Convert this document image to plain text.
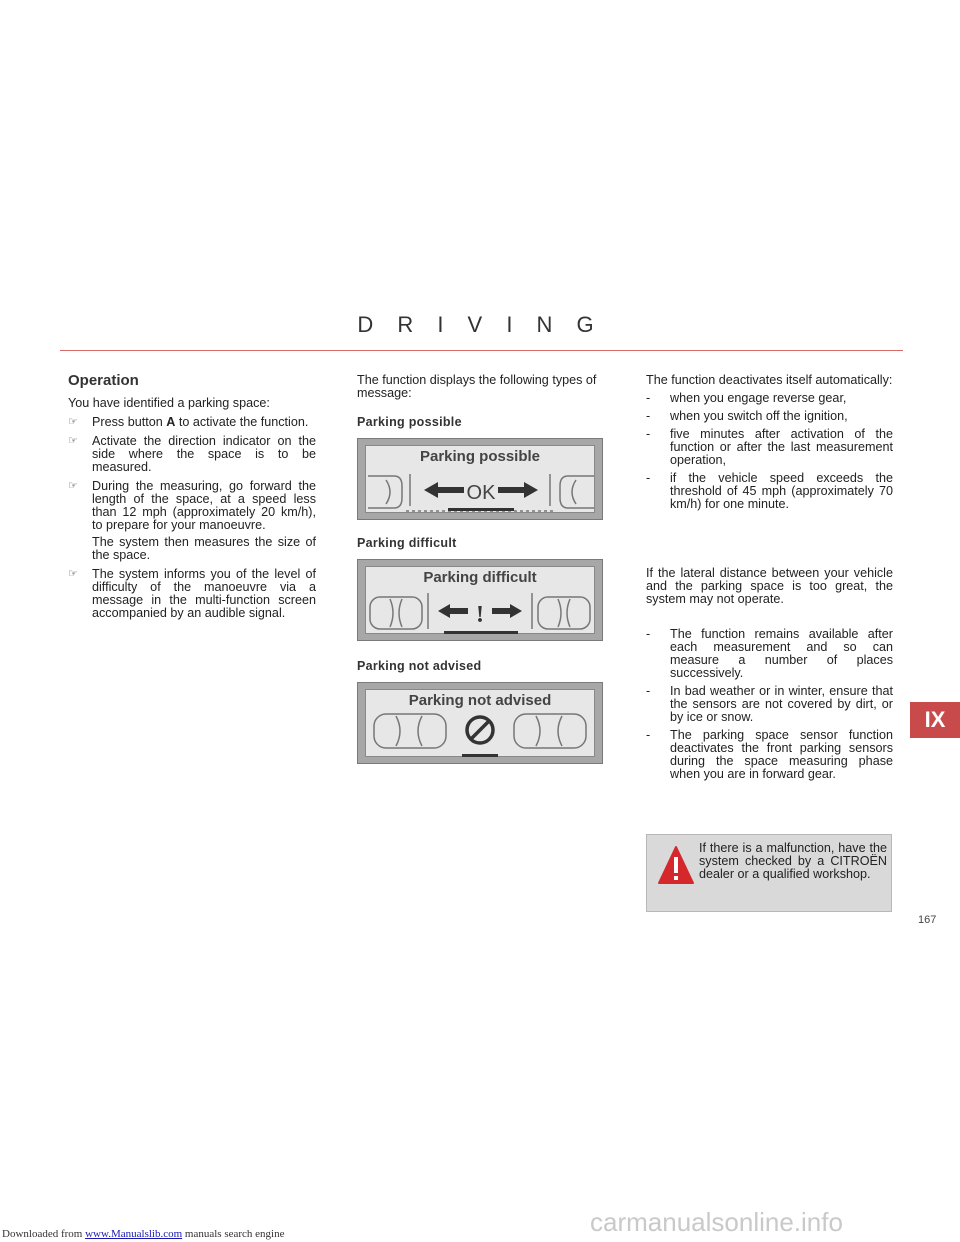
D R I V I N G
IX

Operation

You have identified a parking space:

☞	Press button A to activate the function.
☞	Activate the direction indicator on the side where the space is to be measured.
☞	During the measuring, go forward the length of the space, at a speed less than 12 mph (approximately 20 km/h), to prepare for your manoeuvre.
The system then measures the size of the space.
☞	The system informs you of the level of difficulty of the manoeuvre via a message in the multi-function screen accompanied by an audible signal.
The function displays the following types of message:
Parking possible
Parking possible
OK
Parking difficult
Parking difficult
!
Parking not advised
Parking not advised

The function deactivates itself automatically:

-	when you engage reverse gear,
-	when you switch off the ignition,
-	five minutes after activation of the function or after the last measurement operation,
-	if the vehicle speed exceeds the threshold of 45 mph (approximately 70 km/h) for one minute.

If the lateral distance between your vehicle and the parking space is too great, the system may not operate.

-	The function remains available after each measurement and so can measure a number of places successively.
-	In bad weather or in winter, ensure that the sensors are not covered by dirt, or by ice or snow.
-	The parking space sensor function deactivates the front parking sensors during the space measuring phase when you are in forward gear.
If there is a malfunction, have the system checked by a CITROËN dealer or a qualified workshop.
167
carmanualsonline.info
Downloaded from www.Manualslib.com manuals search engine
